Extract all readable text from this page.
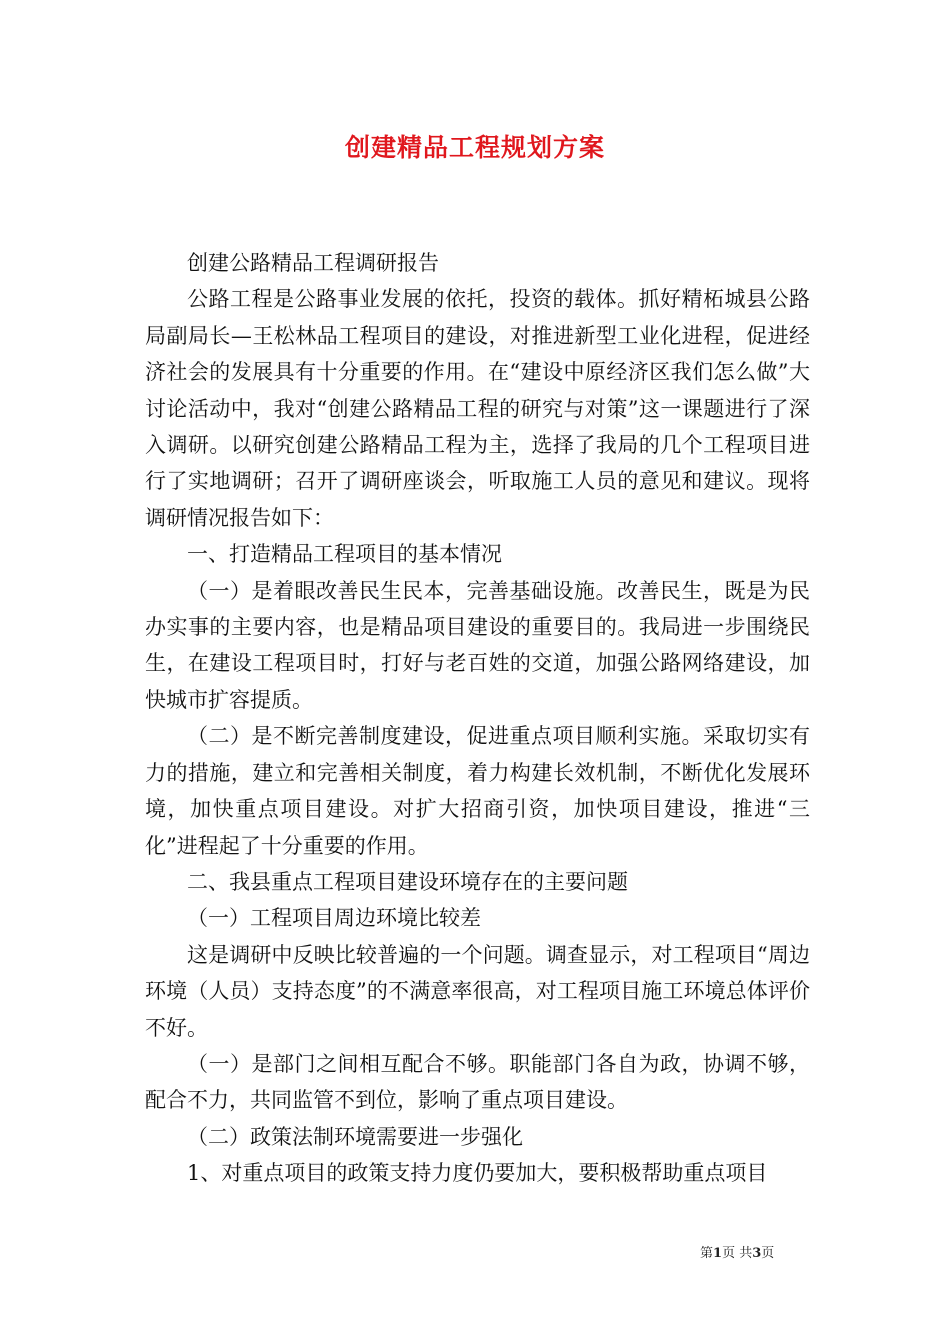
创建精品工程规划方案

创建公路精品工程调研报告

公路工程是公路事业发展的依托，投资的载体。抓好精柘城县公路局副局长—王松林品工程项目的建设，对推进新型工业化进程，促进经济社会的发展具有十分重要的作用。在“建设中原经济区我们怎么做”大讨论活动中，我对“创建公路精品工程的研究与对策”这一课题进行了深入调研。以研究创建公路精品工程为主，选择了我局的几个工程项目进行了实地调研；召开了调研座谈会，听取施工人员的意见和建议。现将调研情况报告如下：

一、打造精品工程项目的基本情况

（一）是着眼改善民生民本，完善基础设施。改善民生，既是为民办实事的主要内容，也是精品项目建设的重要目的。我局进一步围绕民生，在建设工程项目时，打好与老百姓的交道，加强公路网络建设，加快城市扩容提质。

（二）是不断完善制度建设，促进重点项目顺利实施。采取切实有力的措施，建立和完善相关制度，着力构建长效机制，不断优化发展环境，加快重点项目建设。对扩大招商引资，加快项目建设，推进“三化”进程起了十分重要的作用。

二、我县重点工程项目建设环境存在的主要问题

（一）工程项目周边环境比较差

这是调研中反映比较普遍的一个问题。调查显示，对工程项目“周边环境（人员）支持态度”的不满意率很高，对工程项目施工环境总体评价不好。

（一）是部门之间相互配合不够。职能部门各自为政，协调不够，配合不力，共同监管不到位，影响了重点项目建设。

（二）政策法制环境需要进一步强化

1、对重点项目的政策支持力度仍要加大，要积极帮助重点项目

第1页 共3页
